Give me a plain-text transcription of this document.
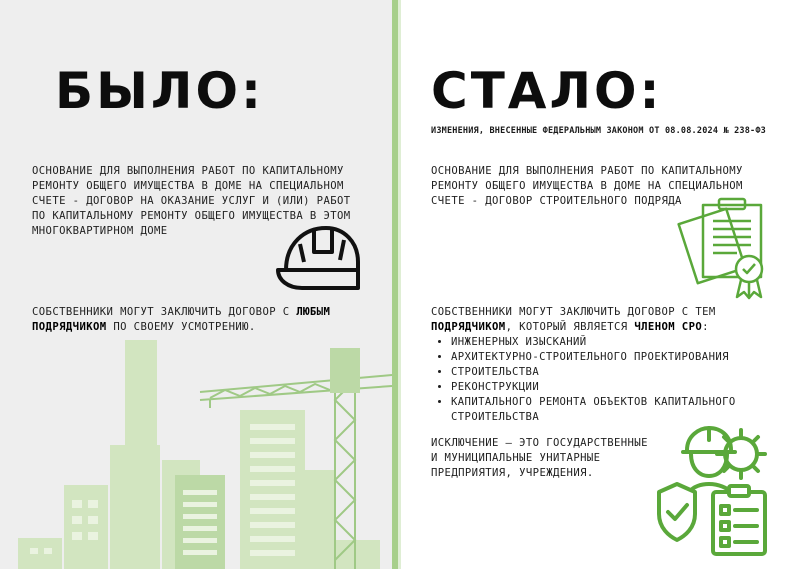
БЫЛО:
ОСНОВАНИЕ ДЛЯ ВЫПОЛНЕНИЯ РАБОТ ПО КАПИТАЛЬНОМУ РЕМОНТУ ОБЩЕГО ИМУЩЕСТВА В ДОМЕ НА СПЕЦИАЛЬНОМ СЧЕТЕ - ДОГОВОР НА ОКАЗАНИЕ УСЛУГ И (ИЛИ) РАБОТ ПО КАПИТАЛЬНОМУ РЕМОНТУ ОБЩЕГО ИМУЩЕСТВА В ЭТОМ МНОГОКВАРТИРНОМ ДОМЕ
СОБСТВЕННИКИ МОГУТ ЗАКЛЮЧИТЬ ДОГОВОР С ЛЮБЫМ ПОДРЯДЧИКОМ ПО СВОЕМУ УСМОТРЕНИЮ.
СТАЛО:
ИЗМЕНЕНИЯ, ВНЕСЕННЫЕ ФЕДЕРАЛЬНЫМ ЗАКОНОМ ОТ 08.08.2024 № 238-ФЗ
ОСНОВАНИЕ ДЛЯ ВЫПОЛНЕНИЯ РАБОТ ПО КАПИТАЛЬНОМУ РЕМОНТУ ОБЩЕГО ИМУЩЕСТВА В ДОМЕ НА СПЕЦИАЛЬНОМ СЧЕТЕ - ДОГОВОР СТРОИТЕЛЬНОГО ПОДРЯДА
СОБСТВЕННИКИ МОГУТ ЗАКЛЮЧИТЬ ДОГОВОР С ТЕМ ПОДРЯДЧИКОМ, КОТОРЫЙ ЯВЛЯЕТСЯ ЧЛЕНОМ СРО:
• ИНЖЕНЕРНЫХ ИЗЫСКАНИЙ
• АРХИТЕКТУРНО-СТРОИТЕЛЬНОГО ПРОЕКТИРОВАНИЯ
• СТРОИТЕЛЬСТВА
• РЕКОНСТРУКЦИИ
• КАПИТАЛЬНОГО РЕМОНТА ОБЪЕКТОВ КАПИТАЛЬНОГО СТРОИТЕЛЬСТВА
ИСКЛЮЧЕНИЕ – ЭТО ГОСУДАРСТВЕННЫЕ И МУНИЦИПАЛЬНЫЕ УНИТАРНЫЕ ПРЕДПРИЯТИЯ, УЧРЕЖДЕНИЯ.
